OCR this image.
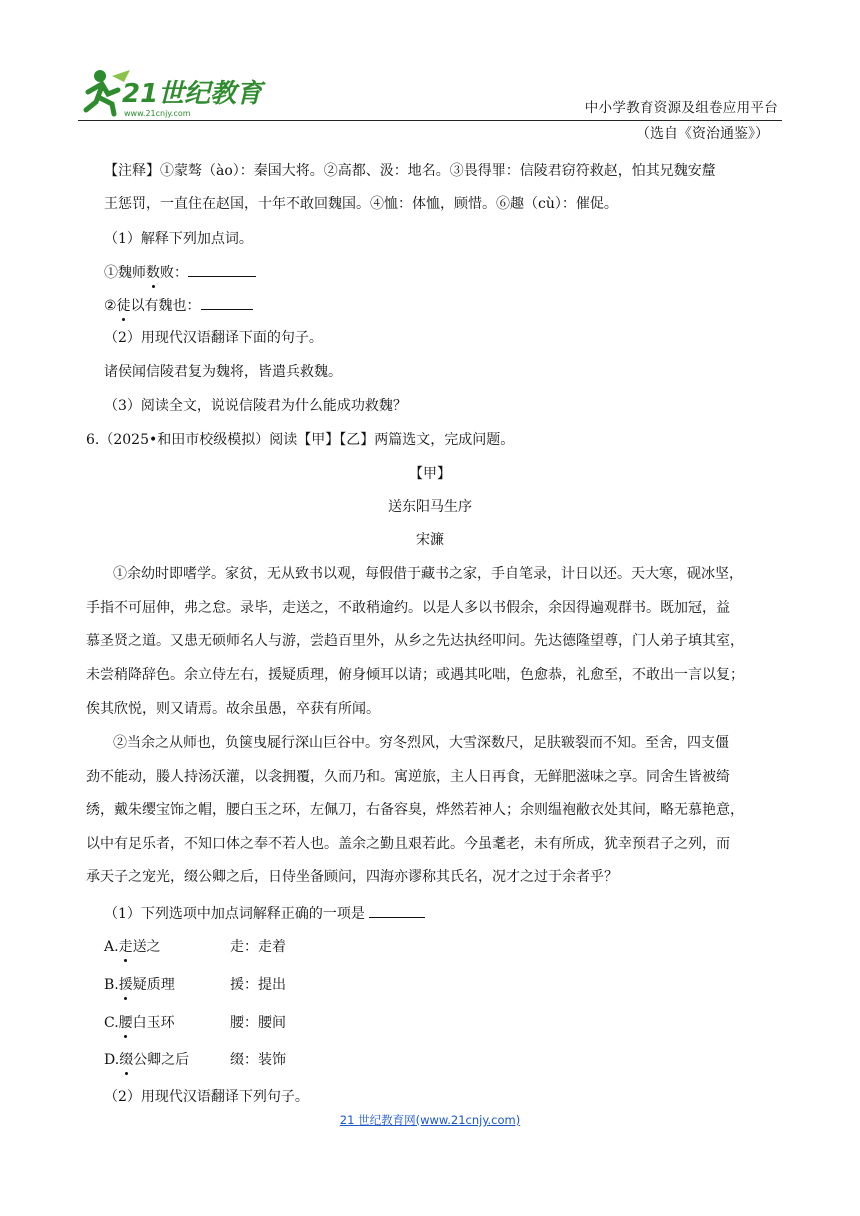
21世纪教育
www.21cnjy.com	中小学教育资源及组卷应用平台
（选自《资治通鉴》）
【注释】①蒙骜（ào）：秦国大将。②高都、汲：地名。③畏得罪：信陵君窃符救赵，怕其兄魏安釐
王惩罚，一直住在赵国，十年不敢回魏国。④恤：体恤，顾惜。⑥趣（cù）：催促。
（1）解释下列加点词。
①魏师数败：
②徒以有魏也：
（2）用现代汉语翻译下面的句子。
诸侯闻信陵君复为魏将，皆遣兵救魏。
（3）阅读全文，说说信陵君为什么能成功救魏？
6.（2025•和田市校级模拟）阅读【甲】【乙】两篇选文，完成问题。
【甲】
送东阳马生序
宋濂
①余幼时即嗜学。家贫，无从致书以观，每假借于藏书之家，手自笔录，计日以还。天大寒，砚冰坚，
手指不可屈伸，弗之怠。录毕，走送之，不敢稍逾约。以是人多以书假余，余因得遍观群书。既加冠，益
慕圣贤之道。又患无硕师名人与游，尝趋百里外，从乡之先达执经叩问。先达德隆望尊，门人弟子填其室，
未尝稍降辞色。余立侍左右，援疑质理，俯身倾耳以请；或遇其叱咄，色愈恭，礼愈至，不敢出一言以复；
俟其欣悦，则又请焉。故余虽愚，卒获有所闻。
②当余之从师也，负箧曳屣行深山巨谷中。穷冬烈风，大雪深数尺，足肤皲裂而不知。至舍，四支僵
劲不能动，媵人持汤沃灌，以衾拥覆，久而乃和。寓逆旅，主人日再食，无鲜肥滋味之享。同舍生皆被绮
绣，戴朱缨宝饰之帽，腰白玉之环，左佩刀，右备容臭，烨然若神人；余则缊袍敝衣处其间，略无慕艳意，
以中有足乐者，不知口体之奉不若人也。盖余之勤且艰若此。今虽耄老，未有所成，犹幸预君子之列，而
承天子之宠光，缀公卿之后，日侍坐备顾问，四海亦谬称其氏名，况才之过于余者乎？
（1）下列选项中加点词解释正确的一项是
A.走送之	走：走着
B.援疑质理	援：提出
C.腰白玉环	腰：腰间
D.缀公卿之后	缀：装饰
（2）用现代汉语翻译下列句子。
21 世纪教育网(www.21cnjy.com)
